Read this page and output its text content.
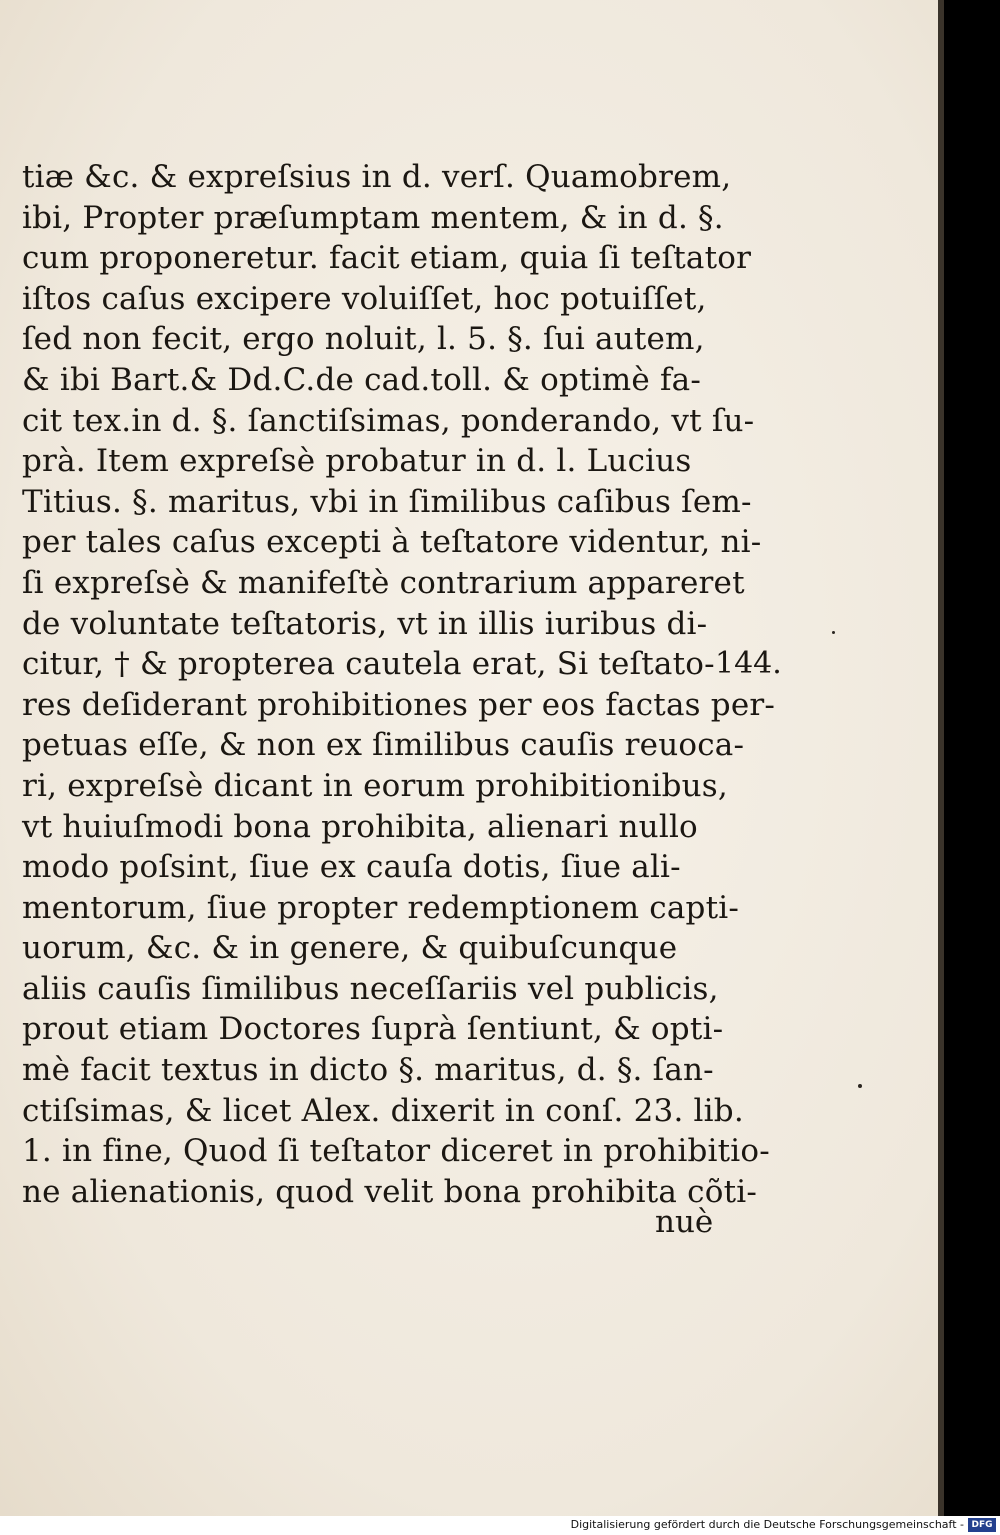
tiæ &c. & expreſsius in d. verſ. Quamobrem,
ibi, Propter præſumptam mentem, & in d. §.
cum proponeretur. facit etiam, quia ſi teſtator
iſtos caſus excipere voluiſſet, hoc potuiſſet,
ſed non fecit, ergo noluit, l. 5. §. ſui autem,
& ibi Bart.& Dd.C.de cad.toll. & optimè fa-
cit tex.in d. §. ſanctiſsimas, ponderando, vt ſu-
prà. Item expreſsè probatur in d. l. Lucius
Titius. §. maritus, vbi in ſimilibus caſibus ſem-
per tales caſus excepti à teſtatore videntur, ni-
ſi expreſsè & manifeſtè contrarium appareret
de voluntate teſtatoris, vt in illis iuribus di-
citur, † & propterea cautela erat, Si teſtato-
res deſiderant prohibitiones per eos factas per-
petuas eſſe, & non ex ſimilibus cauſis reuoca-
ri, expreſsè dicant in eorum prohibitionibus,
vt huiuſmodi bona prohibita, alienari nullo
modo poſsint, ſiue ex cauſa dotis, ſiue ali-
mentorum, ſiue propter redemptionem capti-
uorum, &c. & in genere, & quibuſcunque
aliis cauſis ſimilibus neceſſariis vel publicis,
prout etiam Doctores ſuprà ſentiunt, & opti-
mè facit textus in dicto §. maritus, d. §. ſan-
ctiſsimas, & licet Alex. dixerit in conſ. 23. lib.
1. in fine, Quod ſi teſtator diceret in prohibitio-
ne alienationis, quod velit bona prohibita cõti-
144.
nuè
Digitalisierung gefördert durch die Deutsche Forschungsgemeinschaft - DFG
